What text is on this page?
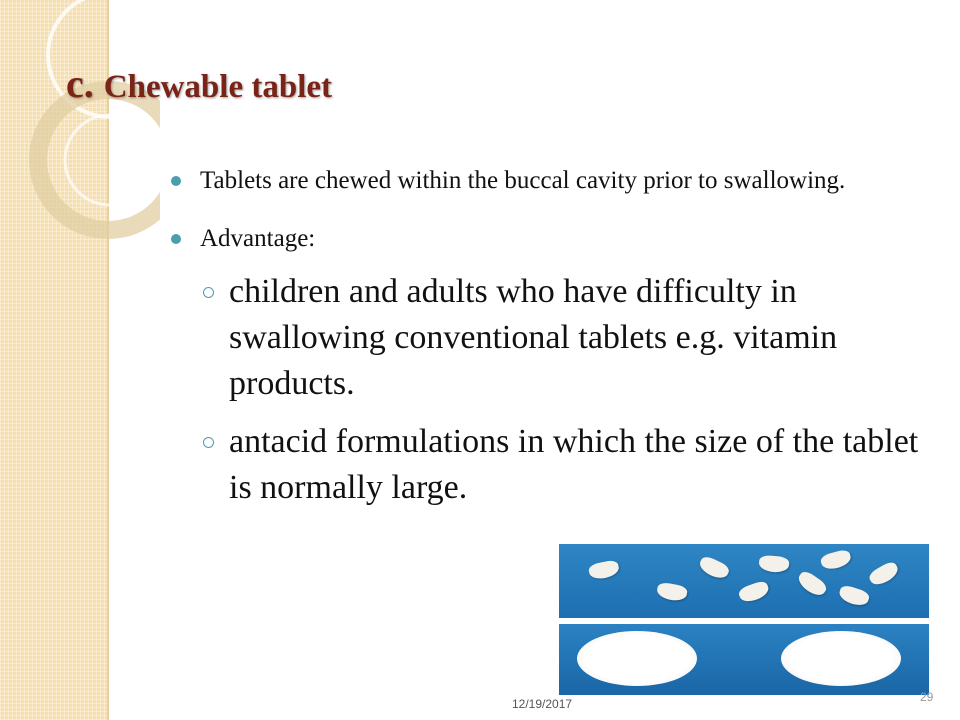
c. Chewable tablet
Tablets are chewed within the buccal cavity prior to swallowing.
Advantage:
children and adults who have difficulty in swallowing conventional tablets e.g. vitamin products.
antacid formulations in which the size of the tablet is normally large.
12/19/2017	29
